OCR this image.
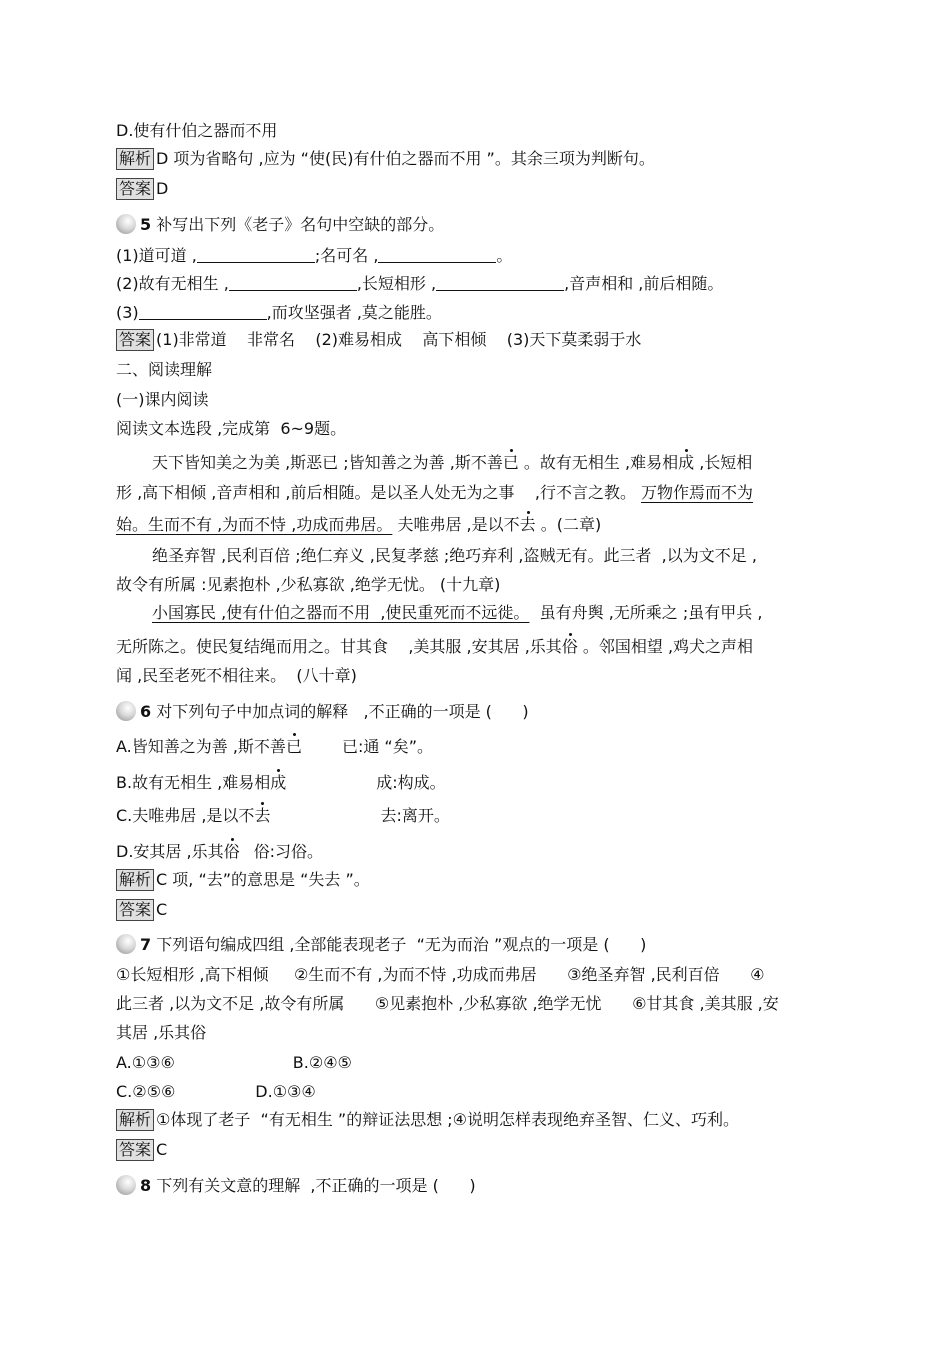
D.使有什伯之器而不用
解析 D 项为省略句 ,应为 “使(民)有什伯之器而不用 ”。其余三项为判断句。
答案 D
5 补写出下列《老子》名句中空缺的部分。
(1)道可道 ,	;名可名 ,	。
(2)故有无相生 ,	,长短相形 ,	,音声相和 ,前后相随。
(3)	,而攻坚强者 ,莫之能胜。
答案 (1)非常道    非常名    (2)难易相成    高下相倾    (3)天下莫柔弱于水
二、阅读理解
(一)课内阅读
阅读文本选段 ,完成第  6~9题。
天下皆知美之为美 ,斯恶已 ;皆知善之为善 ,斯不善已 。故有无相生 ,难易相成 ,长短相
形 ,高下相倾 ,音声相和 ,前后相随。是以圣人处无为之事    ,行不言之教。 万物作焉而不为
始。生而不有 ,为而不恃 ,功成而弗居。 夫唯弗居 ,是以不去 。(二章)
绝圣弃智 ,民利百倍 ;绝仁弃义 ,民复孝慈 ;绝巧弃利 ,盗贼无有。此三者  ,以为文不足 ,
故令有所属 :见素抱朴 ,少私寡欲 ,绝学无忧。 (十九章)
小国寡民 ,使有什伯之器而不用  ,使民重死而不远徙。  虽有舟舆 ,无所乘之 ;虽有甲兵 ,
无所陈之。使民复结绳而用之。甘其食    ,美其服 ,安其居 ,乐其俗 。邻国相望 ,鸡犬之声相
闻 ,民至老死不相往来。  (八十章)
6 对下列句子中加点词的解释   ,不正确的一项是 (      )
A.皆知善之为善 ,斯不善已	已:通 “矣”。
B.故有无相生 ,难易相成	成:构成。
C.夫唯弗居 ,是以不去	去:离开。
D.安其居 ,乐其俗 俗:习俗。
解析 C 项, “去”的意思是 “失去 ”。
答案 C
7 下列语句编成四组 ,全部能表现老子  “无为而治 ”观点的一项是 (      )
①长短相形 ,高下相倾     ②生而不有 ,为而不恃 ,功成而弗居      ③绝圣弃智 ,民利百倍      ④
此三者 ,以为文不足 ,故令有所属      ⑤见素抱朴 ,少私寡欲 ,绝学无忧      ⑥甘其食 ,美其服 ,安
其居 ,乐其俗
A.①③⑥	B.②④⑤
C.②⑤⑥	D.①③④
解析 ①体现了老子  “有无相生 ”的辩证法思想 ;④说明怎样表现绝弃圣智、仁义、巧利。
答案 C
8 下列有关文意的理解  ,不正确的一项是 (      )
